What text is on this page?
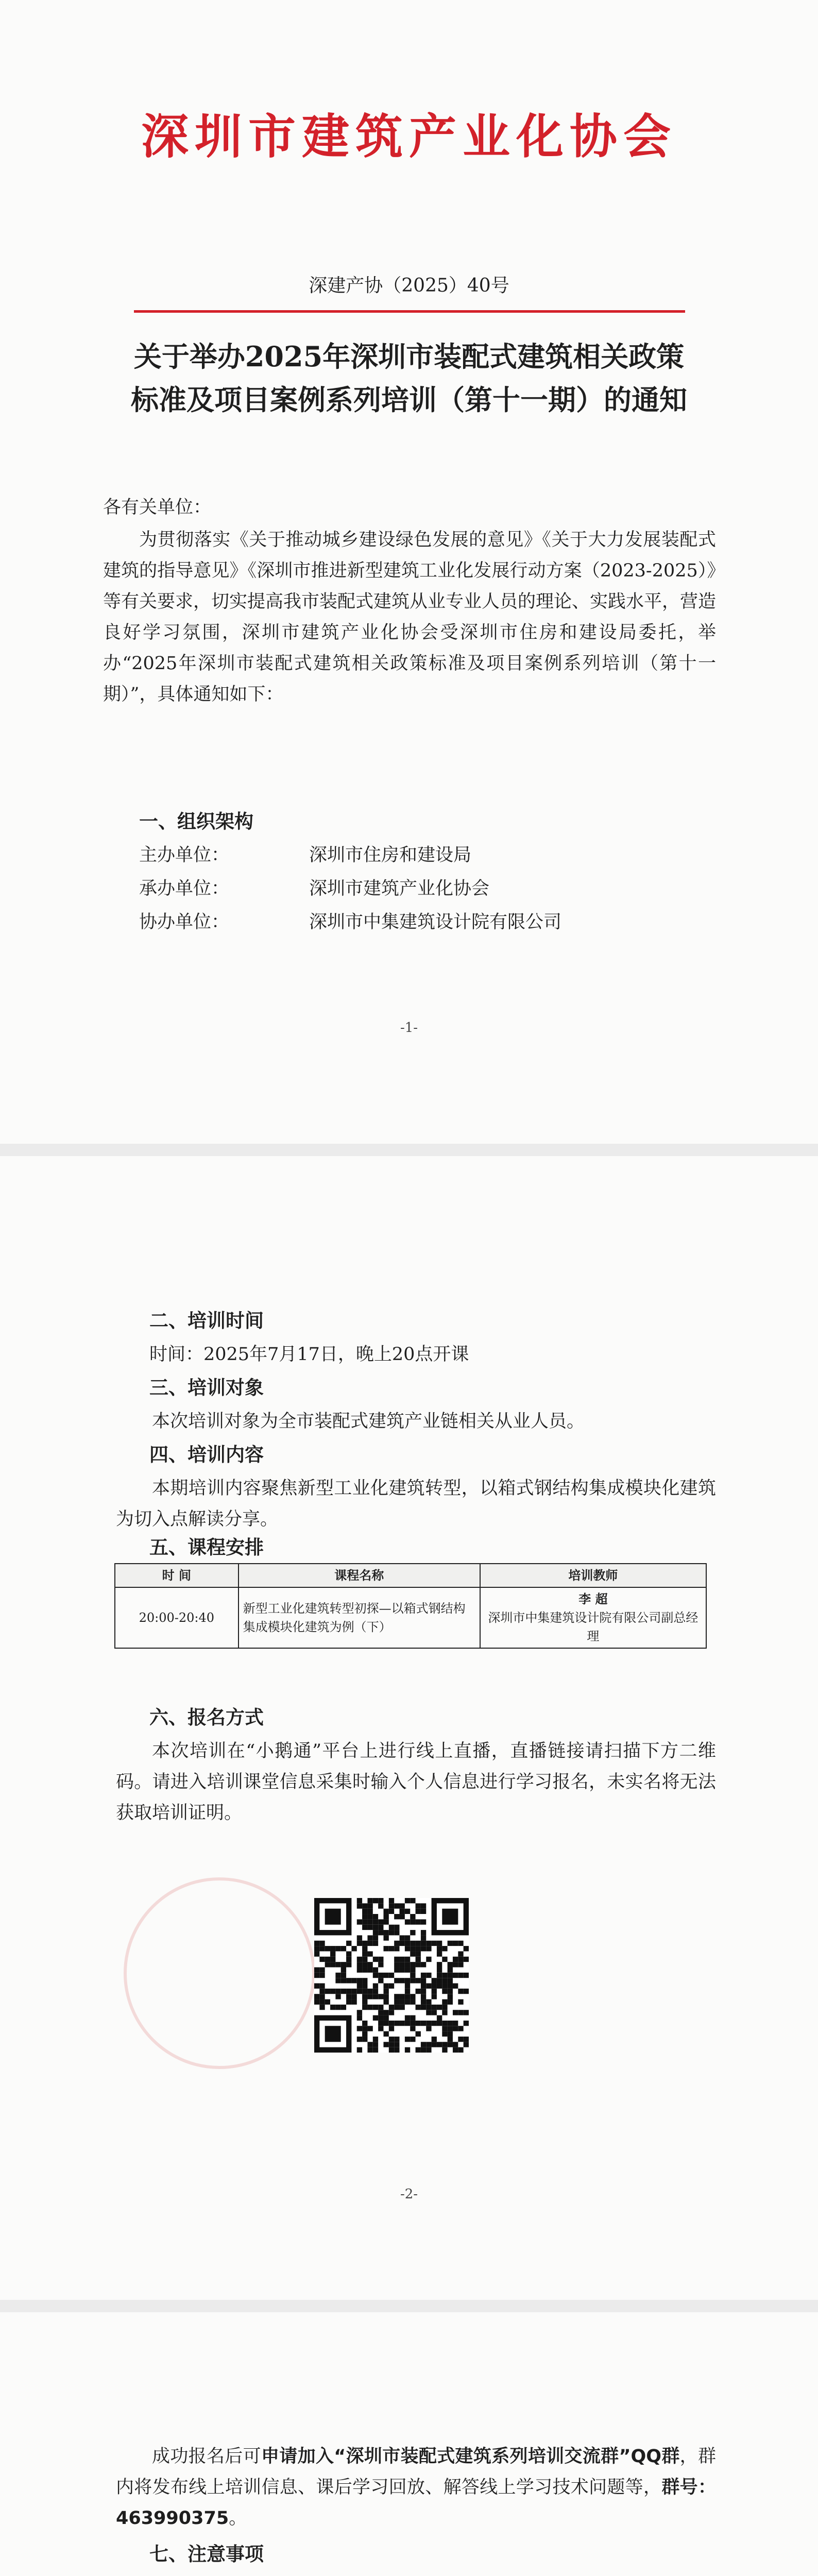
深圳市建筑产业化协会
深建产协（2025）40号
关于举办2025年深圳市装配式建筑相关政策
标准及项目案例系列培训（第十一期）的通知

各有关单位：

为贯彻落实《关于推动城乡建设绿色发展的意见》《关于大力发展装配式建筑的指导意见》《深圳市推进新型建筑工业化发展行动方案（2023-2025）》等有关要求，切实提高我市装配式建筑从业专业人员的理论、实践水平，营造良好学习氛围，深圳市建筑产业化协会受深圳市住房和建设局委托，举办“2025年深圳市装配式建筑相关政策标准及项目案例系列培训（第十一期）”，具体通知如下：

一、组织架构

主办单位：	深圳市住房和建设局
承办单位：	深圳市建筑产业化协会
协办单位：	深圳市中集建筑设计院有限公司
-1-

二、培训时间

时间：2025年7月17日，晚上20点开课

三、培训对象

本次培训对象为全市装配式建筑产业链相关从业人员。

四、培训内容

本期培训内容聚焦新型工业化建筑转型，以箱式钢结构集成模块化建筑为切入点解读分享。

五、课程安排

时 间	课程名称	培训教师
20:00-20:40	新型工业化建筑转型初探—以箱式钢结构集成模块化建筑为例（下）	李 超
深圳市中集建筑设计院有限公司副总经理

六、报名方式

本次培训在“小鹅通”平台上进行线上直播，直播链接请扫描下方二维码。请进入培训课堂信息采集时输入个人信息进行学习报名，未实名将无法获取培训证明。

-2-

成功报名后可申请加入“深圳市装配式建筑系列培训交流群”QQ群，群内将发布线上培训信息、课后学习回放、解答线上学习技术问题等，群号：463990375。

七、注意事项
